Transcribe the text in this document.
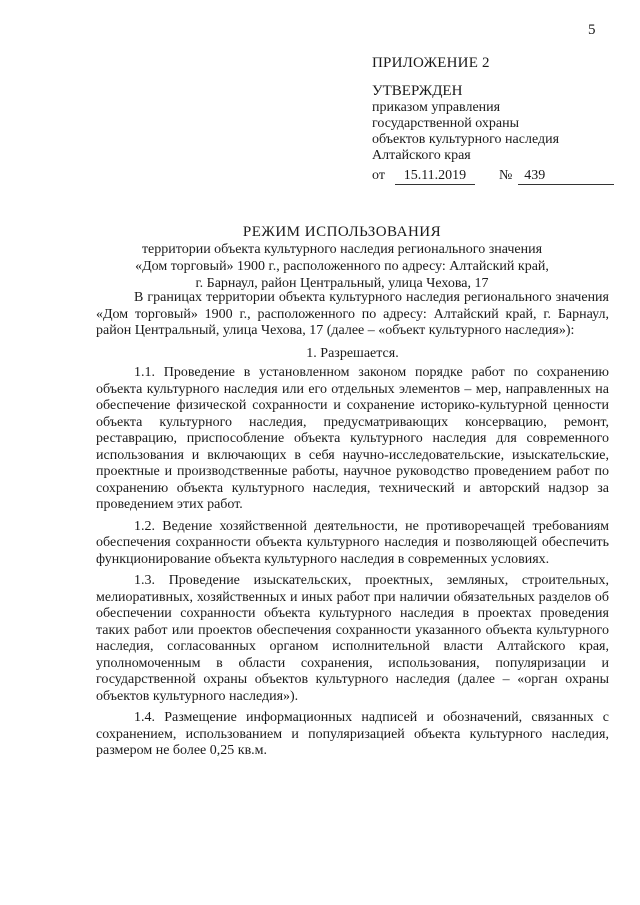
5
ПРИЛОЖЕНИЕ 2
УТВЕРЖДЕН
приказом управления
государственной охраны
объектов культурного наследия
Алтайского края
от 15.11.2019 № 439
РЕЖИМ ИСПОЛЬЗОВАНИЯ
территории объекта культурного наследия регионального значения
«Дом торговый» 1900 г., расположенного по адресу: Алтайский край,
г. Барнаул, район Центральный, улица Чехова, 17

В границах территории объекта культурного наследия регионального значения «Дом торговый» 1900 г., расположенного по адресу: Алтайский край, г. Барнаул, район Центральный, улица Чехова, 17 (далее – «объект культурного наследия»):

1. Разрешается.

1.1. Проведение в установленном законом порядке работ по сохранению объекта культурного наследия или его отдельных элементов – мер, направленных на обеспечение физической сохранности и сохранение историко-культурной ценности объекта культурного наследия, предусматривающих консервацию, ремонт, реставрацию, приспособление объекта культурного наследия для современного использования и включающих в себя научно-исследовательские, изыскательские, проектные и производственные работы, научное руководство проведением работ по сохранению объекта культурного наследия, технический и авторский надзор за проведением этих работ.

1.2. Ведение хозяйственной деятельности, не противоречащей требованиям обеспечения сохранности объекта культурного наследия и позволяющей обеспечить функционирование объекта культурного наследия в современных условиях.

1.3. Проведение изыскательских, проектных, земляных, строительных, мелиоративных, хозяйственных и иных работ при наличии обязательных разделов об обеспечении сохранности объекта культурного наследия в проектах проведения таких работ или проектов обеспечения сохранности указанного объекта культурного наследия, согласованных органом исполнительной власти Алтайского края, уполномоченным в области сохранения, использования, популяризации и государственной охраны объектов культурного наследия (далее – «орган охраны объектов культурного наследия»).

1.4. Размещение информационных надписей и обозначений, связанных с сохранением, использованием и популяризацией объекта культурного наследия, размером не более 0,25 кв.м.
